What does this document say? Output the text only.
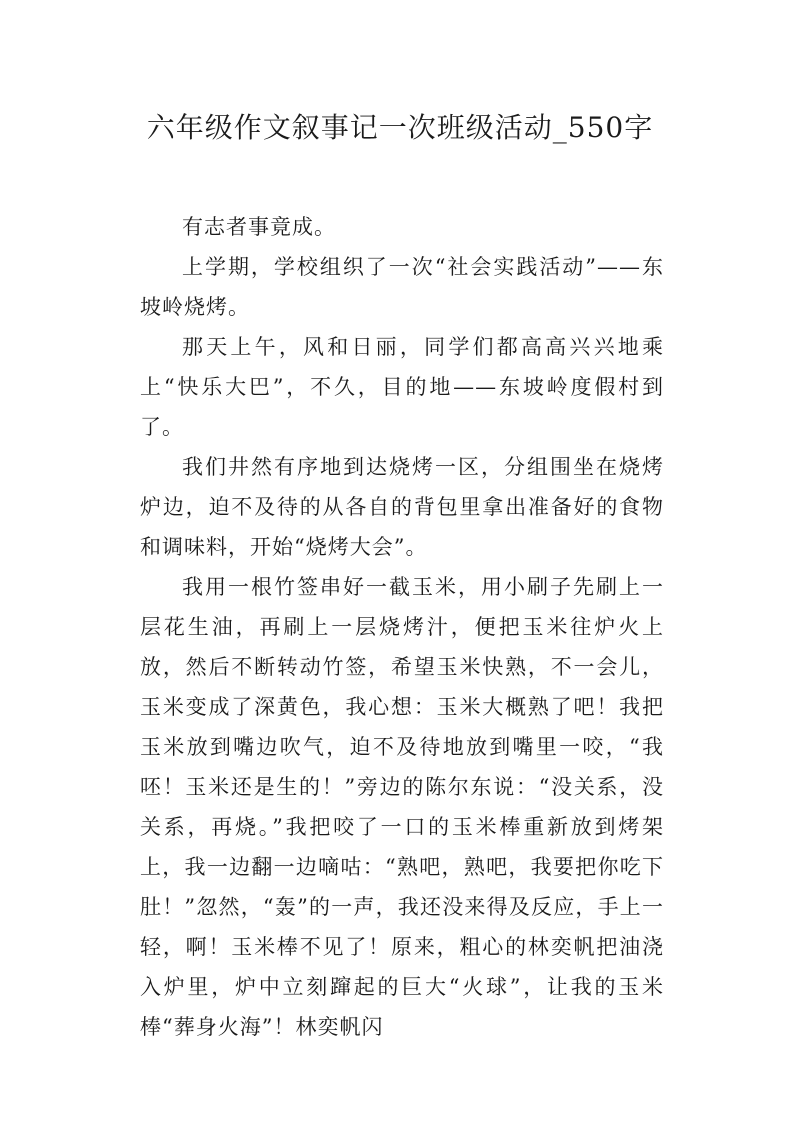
六年级作文叙事记一次班级活动_550字

有志者事竟成。

上学期，学校组织了一次“社会实践活动”——东坡岭烧烤。

那天上午，风和日丽，同学们都高高兴兴地乘上“快乐大巴”，不久，目的地——东坡岭度假村到了。

我们井然有序地到达烧烤一区，分组围坐在烧烤炉边，迫不及待的从各自的背包里拿出准备好的食物和调味料，开始“烧烤大会”。

我用一根竹签串好一截玉米，用小刷子先刷上一层花生油，再刷上一层烧烤汁，便把玉米往炉火上放，然后不断转动竹签，希望玉米快熟，不一会儿，玉米变成了深黄色，我心想：玉米大概熟了吧！我把玉米放到嘴边吹气，迫不及待地放到嘴里一咬，“我呸！玉米还是生的！”旁边的陈尔东说：“没关系，没关系，再烧。”我把咬了一口的玉米棒重新放到烤架上，我一边翻一边嘀咕：“熟吧，熟吧，我要把你吃下肚！”忽然，“轰”的一声，我还没来得及反应，手上一轻，啊！玉米棒不见了！原来，粗心的林奕帆把油浇入炉里，炉中立刻蹿起的巨大“火球”，让我的玉米棒“葬身火海”！林奕帆闪
